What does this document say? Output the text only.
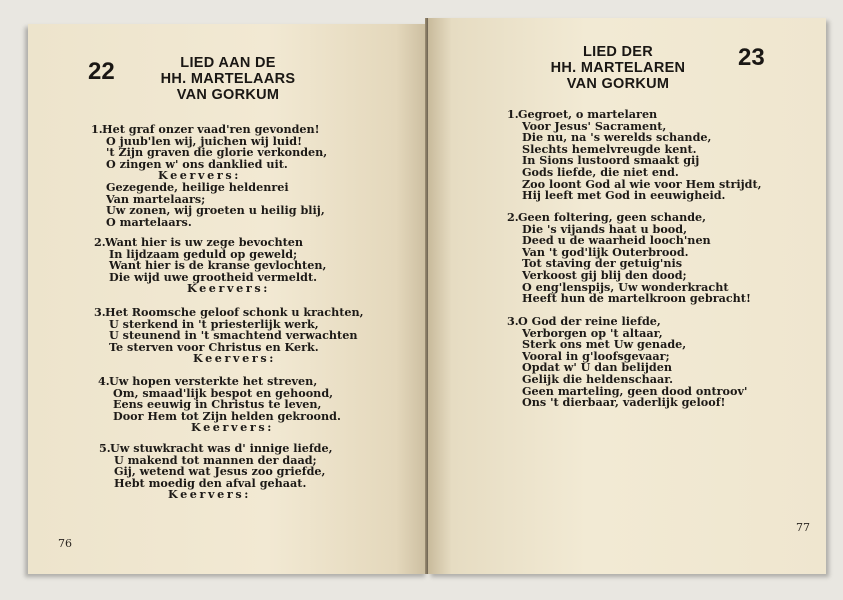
22	LIED AAN DE
HH. MARTELAARS
VAN GORKUM
1. Het graf onzer vaad'ren gevonden!
O juub'len wij, juichen wij luid!
't Zijn graven die glorie verkonden,
O zingen w' ons danklied uit.
Keervers:
Gezegende, heilige heldenrei
Van martelaars;
Uw zonen, wij groeten u heilig blij,
O martelaars.
2. Want hier is uw zege bevochten
In lijdzaam geduld op geweld;
Want hier is de kranse gevlochten,
Die wijd uwe grootheid vermeldt.
Keervers:
3. Het Roomsche geloof schonk u krachten,
U sterkend in 't priesterlijk werk,
U steunend in 't smachtend verwachten
Te sterven voor Christus en Kerk.
Keervers:
4. Uw hopen versterkte het streven,
Om, smaad'lijk bespot en gehoond,
Eens eeuwig in Christus te leven,
Door Hem tot Zijn helden gekroond.
Keervers:
5. Uw stuwkracht was d' innige liefde,
U makend tot mannen der daad;
Gij, wetend wat Jesus zoo griefde,
Hebt moedig den afval gehaat.
Keervers:
76
23
LIED DER
HH. MARTELAREN
VAN GORKUM
1. Gegroet, o martelaren
Voor Jesus' Sacrament,
Die nu, na 's werelds schande,
Slechts hemelvreugde kent.
In Sions lustoord smaakt gij
Gods liefde, die niet end.
Zoo loont God al wie voor Hem strijdt,
Hij leeft met God in eeuwigheid.
2. Geen foltering, geen schande,
Die 's vijands haat u bood,
Deed u de waarheid looch'nen
Van 't god'lijk Outerbrood.
Tot staving der getuig'nis
Verkoost gij blij den dood;
O eng'lenspijs, Uw wonderkracht
Heeft hun de martelkroon gebracht!
3. O God der reine liefde,
Verborgen op 't altaar,
Sterk ons met Uw genade,
Vooral in g'loofsgevaar;
Opdat w' U dan belijden
Gelijk die heldenschaar.
Geen marteling, geen dood ontroov'
Ons 't dierbaar, vaderlijk geloof!
77
